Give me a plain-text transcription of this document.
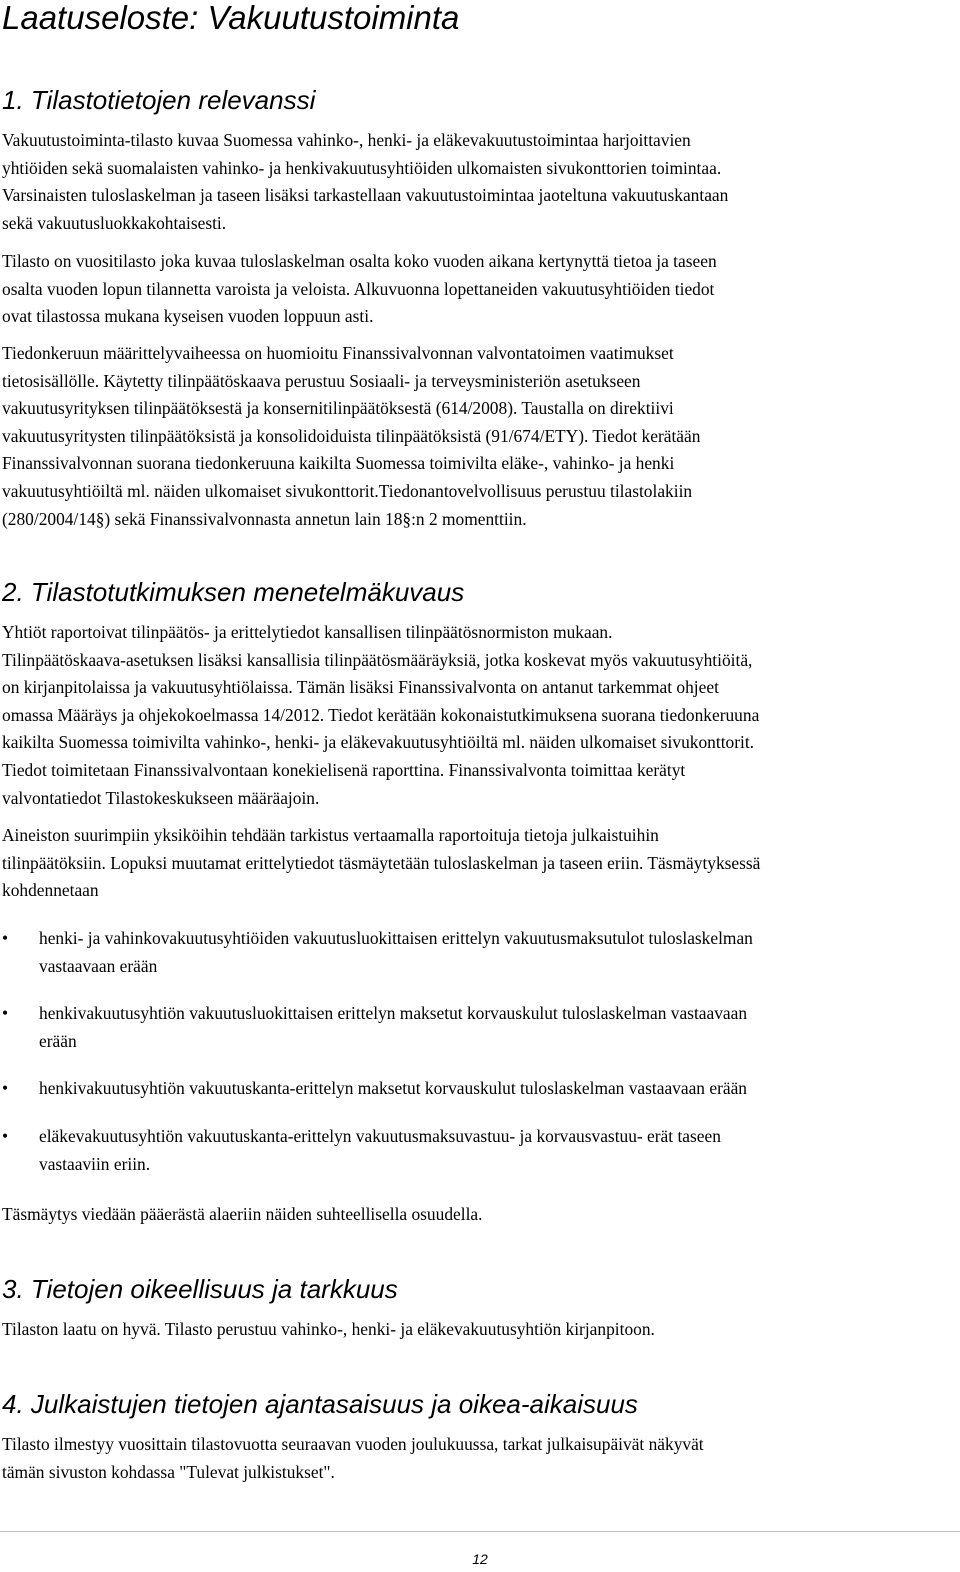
Laatuseloste: Vakuutustoiminta
1. Tilastotietojen relevanssi

Vakuutustoiminta-tilasto kuvaa Suomessa vahinko-, henki- ja eläkevakuutustoimintaa harjoittavien
yhtiöiden sekä suomalaisten vahinko- ja henkivakuutusyhtiöiden ulkomaisten sivukonttorien toimintaa.
Varsinaisten tuloslaskelman ja taseen lisäksi tarkastellaan vakuutustoimintaa jaoteltuna vakuutuskantaan
sekä vakuutusluokkakohtaisesti.

Tilasto on vuositilasto joka kuvaa tuloslaskelman osalta koko vuoden aikana kertynyttä tietoa ja taseen
osalta vuoden lopun tilannetta varoista ja veloista. Alkuvuonna lopettaneiden vakuutusyhtiöiden tiedot
ovat tilastossa mukana kyseisen vuoden loppuun asti.

Tiedonkeruun määrittelyvaiheessa on huomioitu Finanssivalvonnan valvontatoimen vaatimukset
tietosisällölle. Käytetty tilinpäätöskaava perustuu Sosiaali- ja terveysministeriön asetukseen
vakuutusyrityksen tilinpäätöksestä ja konsernitilinpäätöksestä (614/2008). Taustalla on direktiivi
vakuutusyritysten tilinpäätöksistä ja konsolidoiduista tilinpäätöksistä (91/674/ETY). Tiedot kerätään
Finanssivalvonnan suorana tiedonkeruuna kaikilta Suomessa toimivilta eläke-, vahinko- ja henki
vakuutusyhtiöiltä ml. näiden ulkomaiset sivukonttorit.Tiedonantovelvollisuus perustuu tilastolakiin
(280/2004/14§) sekä Finanssivalvonnasta annetun lain 18§:n 2 momenttiin.

2. Tilastotutkimuksen menetelmäkuvaus

Yhtiöt raportoivat tilinpäätös- ja erittelytiedot kansallisen tilinpäätösnormiston mukaan.
Tilinpäätöskaava-asetuksen lisäksi kansallisia tilinpäätösmääräyksiä, jotka koskevat myös vakuutusyhtiöitä,
on kirjanpitolaissa ja vakuutusyhtiölaissa. Tämän lisäksi Finanssivalvonta on antanut tarkemmat ohjeet
omassa Määräys ja ohjekokoelmassa 14/2012. Tiedot kerätään kokonaistutkimuksena suorana tiedonkeruuna
kaikilta Suomessa toimivilta vahinko-, henki- ja eläkevakuutusyhtiöiltä ml. näiden ulkomaiset sivukonttorit.
Tiedot toimitetaan Finanssivalvontaan konekielisenä raporttina. Finanssivalvonta toimittaa kerätyt
valvontatiedot Tilastokeskukseen määräajoin.

Aineiston suurimpiin yksiköihin tehdään tarkistus vertaamalla raportoituja tietoja julkaistuihin
tilinpäätöksiin. Lopuksi muutamat erittelytiedot täsmäytetään tuloslaskelman ja taseen eriin. Täsmäytyksessä
kohdennetaan

• henki- ja vahinkovakuutusyhtiöiden vakuutusluokittaisen erittelyn vakuutusmaksutulot tuloslaskelman
vastaavaan erään
• henkivakuutusyhtiön vakuutusluokittaisen erittelyn maksetut korvauskulut tuloslaskelman vastaavaan
erään
• henkivakuutusyhtiön vakuutuskanta-erittelyn maksetut korvauskulut tuloslaskelman vastaavaan erään
• eläkevakuutusyhtiön vakuutuskanta-erittelyn vakuutusmaksuvastuu- ja korvausvastuu- erät taseen
vastaaviin eriin.

Täsmäytys viedään pääerästä alaeriin näiden suhteellisella osuudella.

3. Tietojen oikeellisuus ja tarkkuus

Tilaston laatu on hyvä. Tilasto perustuu vahinko-, henki- ja eläkevakuutusyhtiön kirjanpitoon.

4. Julkaistujen tietojen ajantasaisuus ja oikea-aikaisuus

Tilasto ilmestyy vuosittain tilastovuotta seuraavan vuoden joulukuussa, tarkat julkaisupäivät näkyvät
tämän sivuston kohdassa "Tulevat julkistukset".

12
